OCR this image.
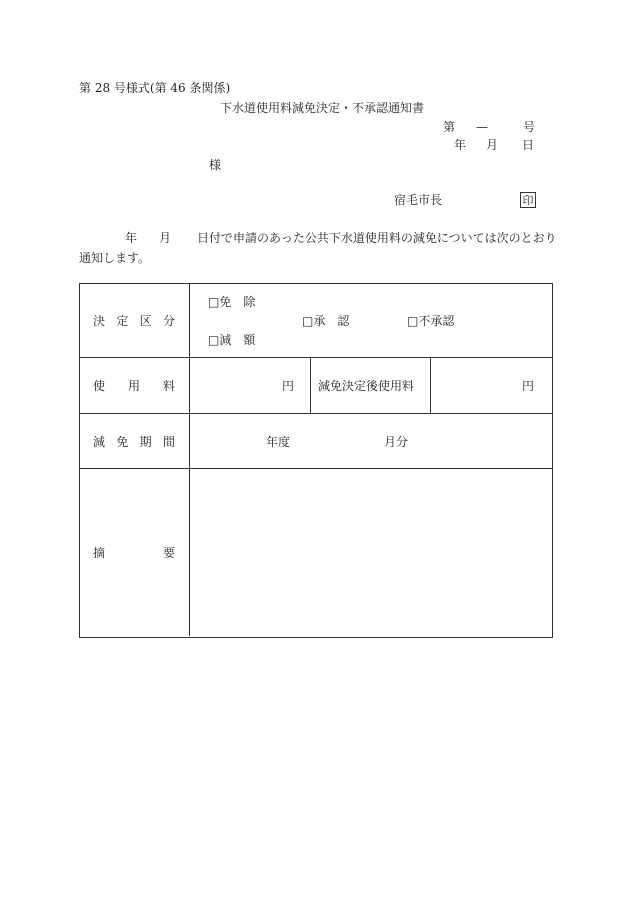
第 28 号様式(第 46 条関係)
下水道使用料減免決定・不承認通知書
第 —	号
年 月 日
様
宿毛市長	印
年 月 日付で申請のあった公共下水道使用料の減免については次のとおり
通知します。
決 定 区 分
□ 免　除
□ 承　認
□	不承認
□ 減　額
使 用 料	円 減免決定後使用料	円
減 免 期 間	年度	月分
摘	要
